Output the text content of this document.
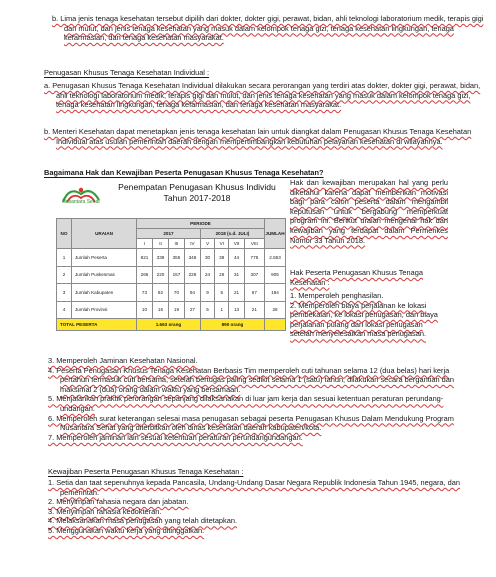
b. Lima jenis tenaga kesehatan tersebut dipilih dari dokter, dokter gigi, perawat, bidan, ahli teknologi laboratorium medik, terapis gigi dan mulut, dan jenis tenaga kesehatan yang masuk dalam kelompok tenaga gizi, tenaga kesehatan lingkungan, tenaga kefarmasian, dan tenaga kesehatan masyarakat.

Penugasan Khusus Tenaga Kesehatan Individual :

a. Penugasan Khusus Tenaga Kesehatan Individual dilakukan secara perorangan yang terdiri atas dokter, dokter gigi, perawat, bidan, ahli teknologi laboratorium medik, terapis gigi dan mulut, dan jenis tenaga kesehatan yang masuk dalam kelompok tenaga gizi, tenaga kesehatan lingkungan, tenaga kefarmasian, dan tenaga kesehatan masyarakat.

b. Menteri Kesehatan dapat menetapkan jenis tenaga kesehatan lain untuk diangkat dalam Penugasan Khusus Tenaga Kesehatan Individual atas usulan pemerintah daerah dengan mempertimbangkan kebutuhan pelayanan kesehatan di wilayahnya.

Bagaimana Hak dan Kewajiban Peserta Penugasan Khusus Tenaga Kesehatan?

Nusantara Sehat
Penempatan Penugasan Khusus Individu
Tahun 2017-2018
NO	URAIAN	PERIODE								JUMLAH
		2017				2018 (s.d. JULI)				
		I	II	III	IV	V	VI	VII	VIII	
1	Jumlah Peserta	821	339	355	348	30	38	44	778	2.553
2	Jumlah Puskesmas	266	220	157	228	24	26	31	307	905
3	Jumlah Kabupaten	73	82	70	94	9	5	21	67	194
4	Jumlah Provinsi	10	16	19	27	5	1	13	21	28
TOTAL PESERTA		1.663 orang				890 orang				

Hak dan kewajiban merupakan hal yang perlu diketahui karena dapat memberikan motivasi bagi para calon peserta dalam mengambil keputusan untuk bergabung memperkuat program ini. Berikut uraian mengenai hak dan kewajiban yang terdapat dalam Permenkes Nomor 33 Tahun 2018.

Hak Peserta Penugasan Khusus Tenaga Kesehatan :

1. Memperoleh penghasilan.

2. Memperoleh biaya perjalanan ke lokasi pembekalan, ke lokasi penugasan, dan biaya perjalanan pulang dari lokasi penugasan setelah menyelesaikan masa penugasan.

3. Memperoleh Jaminan Kesehatan Nasional.

4. Peserta Penugasan Khusus Tenaga Kesehatan Berbasis Tim memperoleh cuti tahunan selama 12 (dua belas) hari kerja pertahun termasuk cuti bersama, setelah bertugas paling sedikit selama 1 (satu) tahun, dilakukan secara bergantian dan maksimal 2 (dua) orang dalam waktu yang bersamaan.

5. Menjalankan praktik perorangan sepanjang dilaksanakan di luar jam kerja dan sesuai ketentuan peraturan perundang-undangan.

6. Memperoleh surat keterangan selesai masa penugasan sebagai peserta Penugasan Khusus Dalam Mendukung Program Nusantara Sehat yang diterbitkan oleh dinas kesehatan daerah kabupaten/kota.

7. Memperoleh jaminan lain sesuai ketentuan peraturan perundangundangan.

Kewajiban Peserta Penugasan Khusus Tenaga Kesehatan :

1. Setia dan taat sepenuhnya kepada Pancasila, Undang-Undang Dasar Negara Republik Indonesia Tahun 1945, negara, dan pemerintah.

2. Menyimpan rahasia negara dan jabatan.

3. Menyimpan rahasia kedokteran.

4. Melaksanakan masa penugasan yang telah ditetapkan.

5. Menggunakan waktu kerja yang ditinggalkan.
